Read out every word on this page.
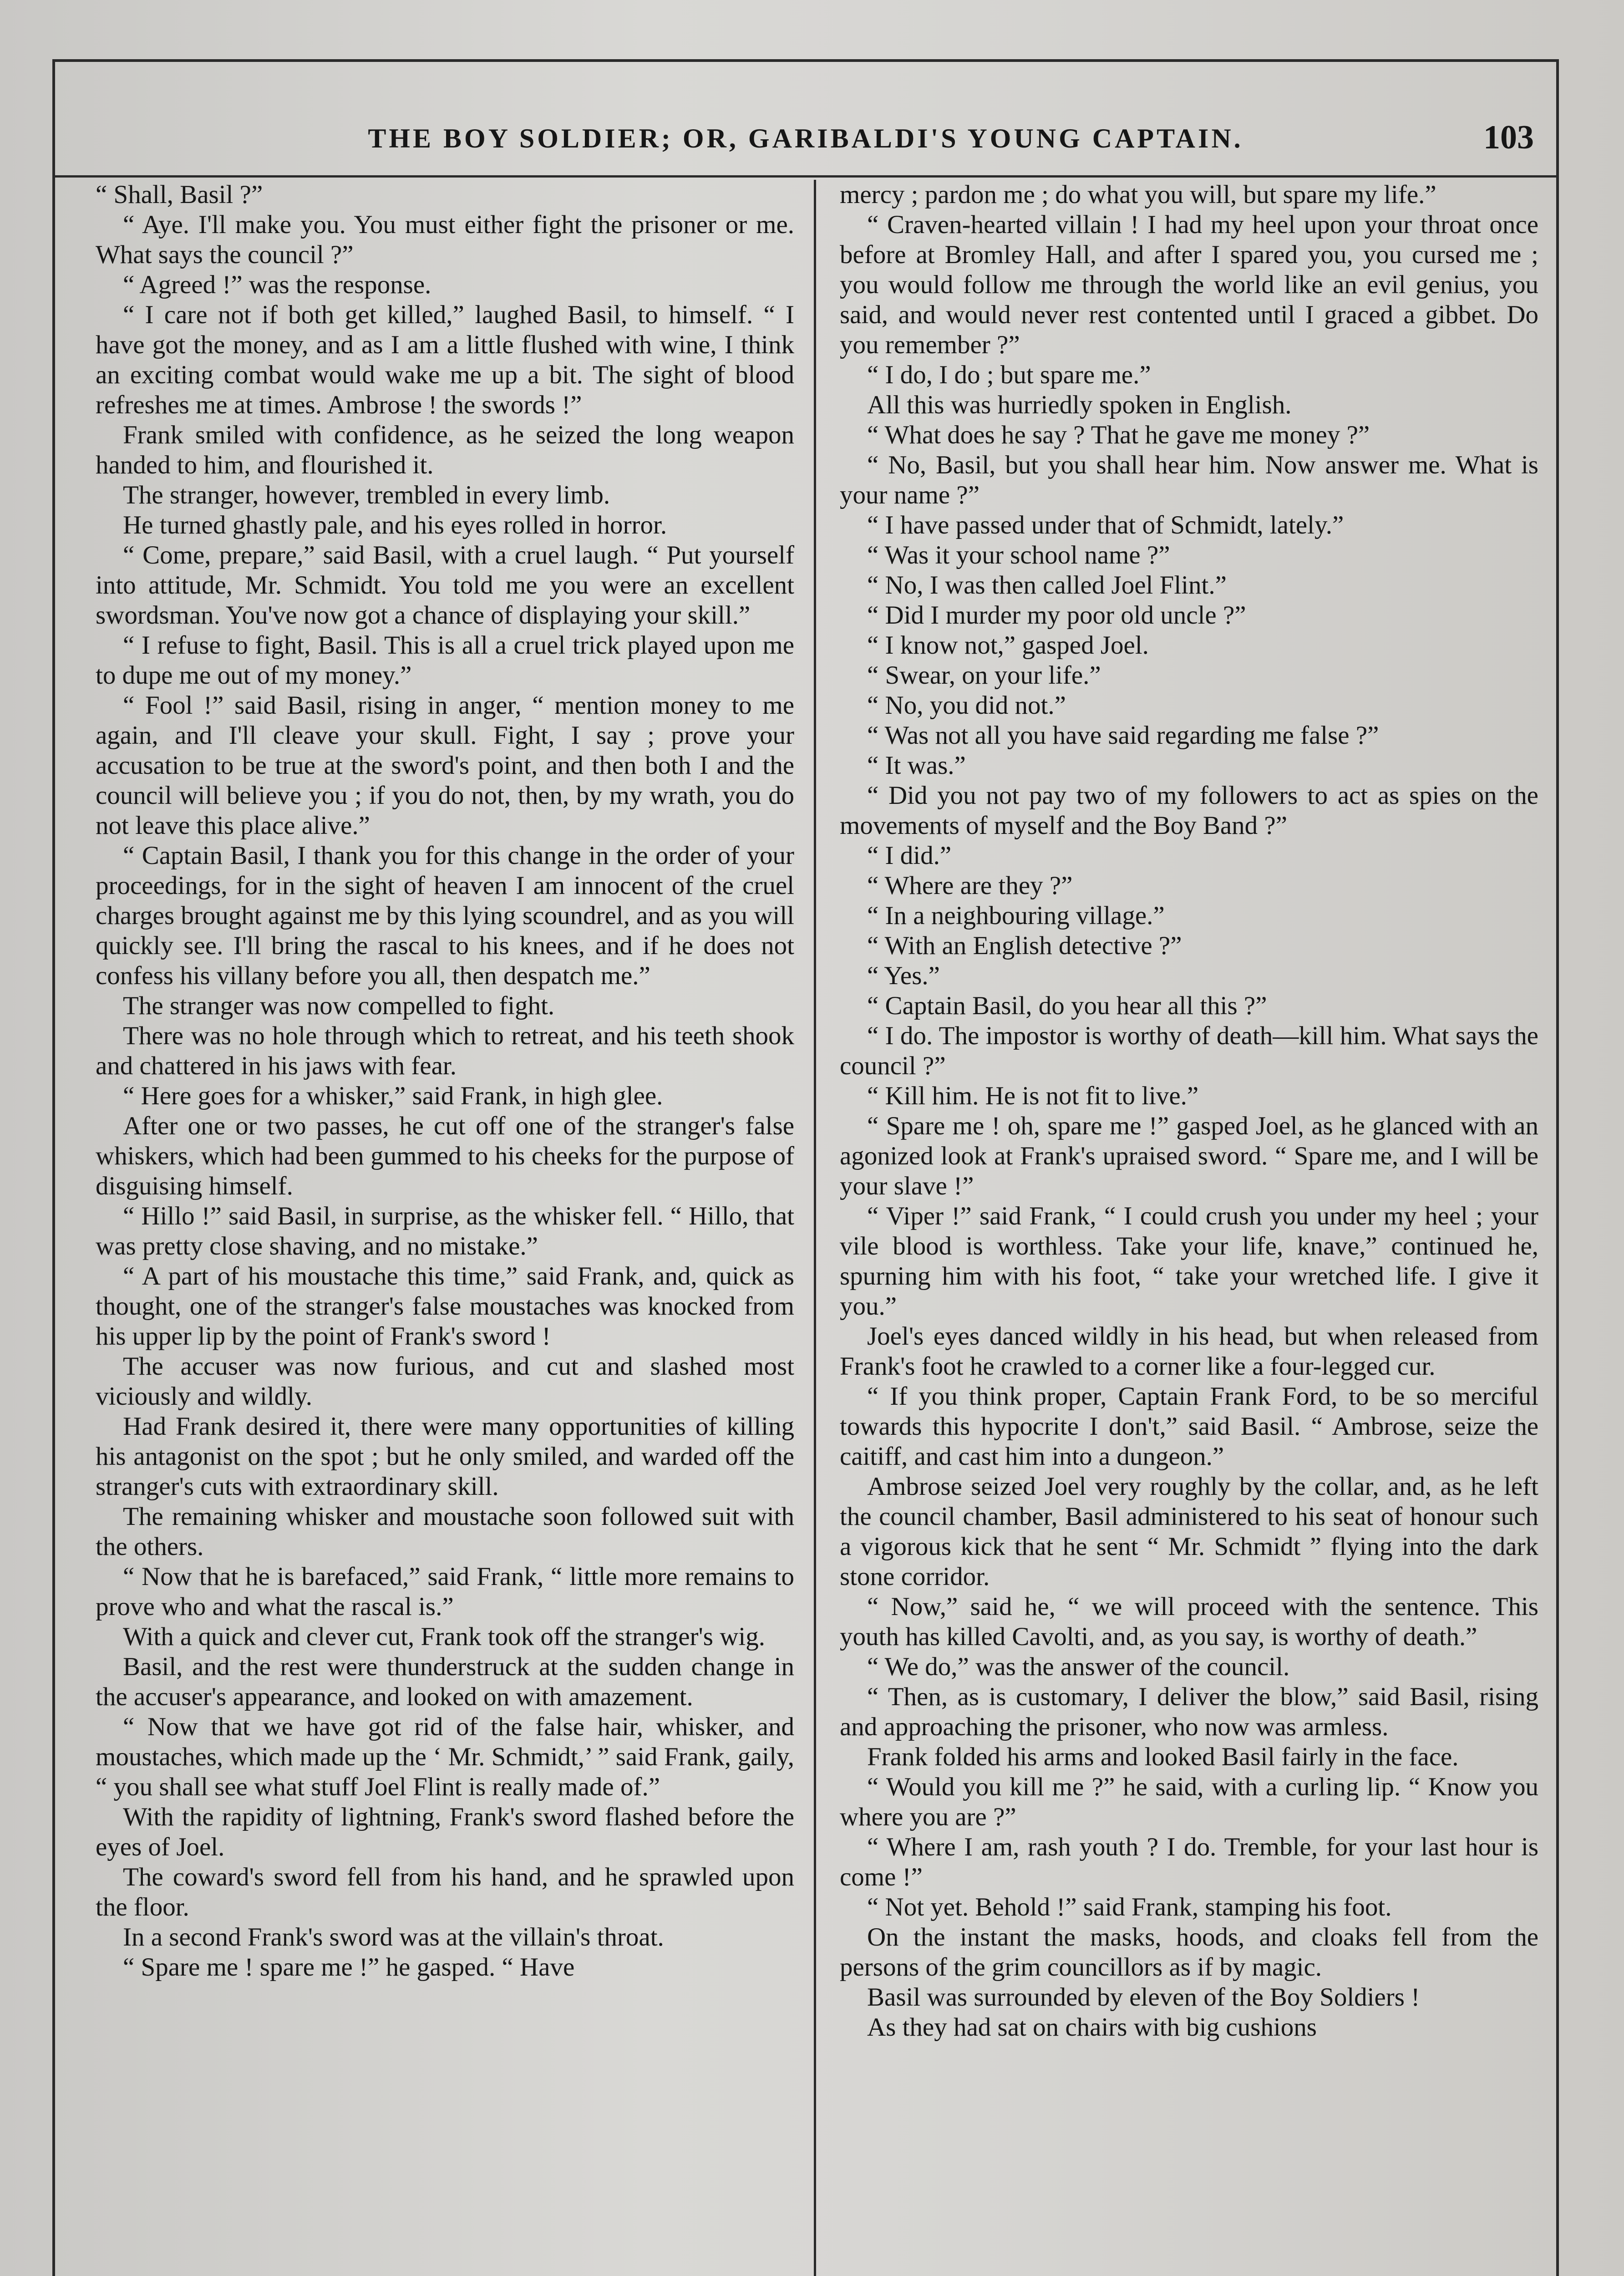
THE BOY SOLDIER; OR, GARIBALDI'S YOUNG CAPTAIN.	103

“ Shall, Basil ?”

“ Aye. I'll make you. You must either fight the prisoner or me. What says the council ?”

“ Agreed !” was the response.

“ I care not if both get killed,” laughed Basil, to himself. “ I have got the money, and as I am a little flushed with wine, I think an exciting combat would wake me up a bit. The sight of blood refreshes me at times. Ambrose ! the swords !”

Frank smiled with confidence, as he seized the long weapon handed to him, and flourished it.

The stranger, however, trembled in every limb.

He turned ghastly pale, and his eyes rolled in horror.

“ Come, prepare,” said Basil, with a cruel laugh. “ Put yourself into attitude, Mr. Schmidt. You told me you were an excellent swordsman. You've now got a chance of displaying your skill.”

“ I refuse to fight, Basil. This is all a cruel trick played upon me to dupe me out of my money.”

“ Fool !” said Basil, rising in anger, “ mention money to me again, and I'll cleave your skull. Fight, I say ; prove your accusation to be true at the sword's point, and then both I and the council will believe you ; if you do not, then, by my wrath, you do not leave this place alive.”

“ Captain Basil, I thank you for this change in the order of your proceedings, for in the sight of heaven I am innocent of the cruel charges brought against me by this lying scoundrel, and as you will quickly see. I'll bring the rascal to his knees, and if he does not confess his villany before you all, then despatch me.”

The stranger was now compelled to fight.

There was no hole through which to retreat, and his teeth shook and chattered in his jaws with fear.

“ Here goes for a whisker,” said Frank, in high glee.

After one or two passes, he cut off one of the stranger's false whiskers, which had been gummed to his cheeks for the purpose of disguising himself.

“ Hillo !” said Basil, in surprise, as the whisker fell. “ Hillo, that was pretty close shaving, and no mistake.”

“ A part of his moustache this time,” said Frank, and, quick as thought, one of the stranger's false moustaches was knocked from his upper lip by the point of Frank's sword !

The accuser was now furious, and cut and slashed most viciously and wildly.

Had Frank desired it, there were many opportunities of killing his antagonist on the spot ; but he only smiled, and warded off the stranger's cuts with extraordinary skill.

The remaining whisker and moustache soon followed suit with the others.

“ Now that he is barefaced,” said Frank, “ little more remains to prove who and what the rascal is.”

With a quick and clever cut, Frank took off the stranger's wig.

Basil, and the rest were thunderstruck at the sudden change in the accuser's appearance, and looked on with amazement.

“ Now that we have got rid of the false hair, whisker, and moustaches, which made up the ‘ Mr. Schmidt,’ ” said Frank, gaily, “ you shall see what stuff Joel Flint is really made of.”

With the rapidity of lightning, Frank's sword flashed before the eyes of Joel.

The coward's sword fell from his hand, and he sprawled upon the floor.

In a second Frank's sword was at the villain's throat.

“ Spare me ! spare me !” he gasped. “ Have

mercy ; pardon me ; do what you will, but spare my life.”

“ Craven-hearted villain ! I had my heel upon your throat once before at Bromley Hall, and after I spared you, you cursed me ; you would follow me through the world like an evil genius, you said, and would never rest contented until I graced a gibbet. Do you remember ?”

“ I do, I do ; but spare me.”

All this was hurriedly spoken in English.

“ What does he say ? That he gave me money ?”

“ No, Basil, but you shall hear him. Now answer me. What is your name ?”

“ I have passed under that of Schmidt, lately.”

“ Was it your school name ?”

“ No, I was then called Joel Flint.”

“ Did I murder my poor old uncle ?”

“ I know not,” gasped Joel.

“ Swear, on your life.”

“ No, you did not.”

“ Was not all you have said regarding me false ?”

“ It was.”

“ Did you not pay two of my followers to act as spies on the movements of myself and the Boy Band ?”

“ I did.”

“ Where are they ?”

“ In a neighbouring village.”

“ With an English detective ?”

“ Yes.”

“ Captain Basil, do you hear all this ?”

“ I do. The impostor is worthy of death—kill him. What says the council ?”

“ Kill him. He is not fit to live.”

“ Spare me ! oh, spare me !” gasped Joel, as he glanced with an agonized look at Frank's upraised sword. “ Spare me, and I will be your slave !”

“ Viper !” said Frank, “ I could crush you under my heel ; your vile blood is worthless. Take your life, knave,” continued he, spurning him with his foot, “ take your wretched life. I give it you.”

Joel's eyes danced wildly in his head, but when released from Frank's foot he crawled to a corner like a four-legged cur.

“ If you think proper, Captain Frank Ford, to be so merciful towards this hypocrite I don't,” said Basil. “ Ambrose, seize the caitiff, and cast him into a dungeon.”

Ambrose seized Joel very roughly by the collar, and, as he left the council chamber, Basil administered to his seat of honour such a vigorous kick that he sent “ Mr. Schmidt ” flying into the dark stone corridor.

“ Now,” said he, “ we will proceed with the sentence. This youth has killed Cavolti, and, as you say, is worthy of death.”

“ We do,” was the answer of the council.

“ Then, as is customary, I deliver the blow,” said Basil, rising and approaching the prisoner, who now was armless.

Frank folded his arms and looked Basil fairly in the face.

“ Would you kill me ?” he said, with a curling lip. “ Know you where you are ?”

“ Where I am, rash youth ? I do. Tremble, for your last hour is come !”

“ Not yet. Behold !” said Frank, stamping his foot.

On the instant the masks, hoods, and cloaks fell from the persons of the grim councillors as if by magic.

Basil was surrounded by eleven of the Boy Soldiers !

As they had sat on chairs with big cushions
